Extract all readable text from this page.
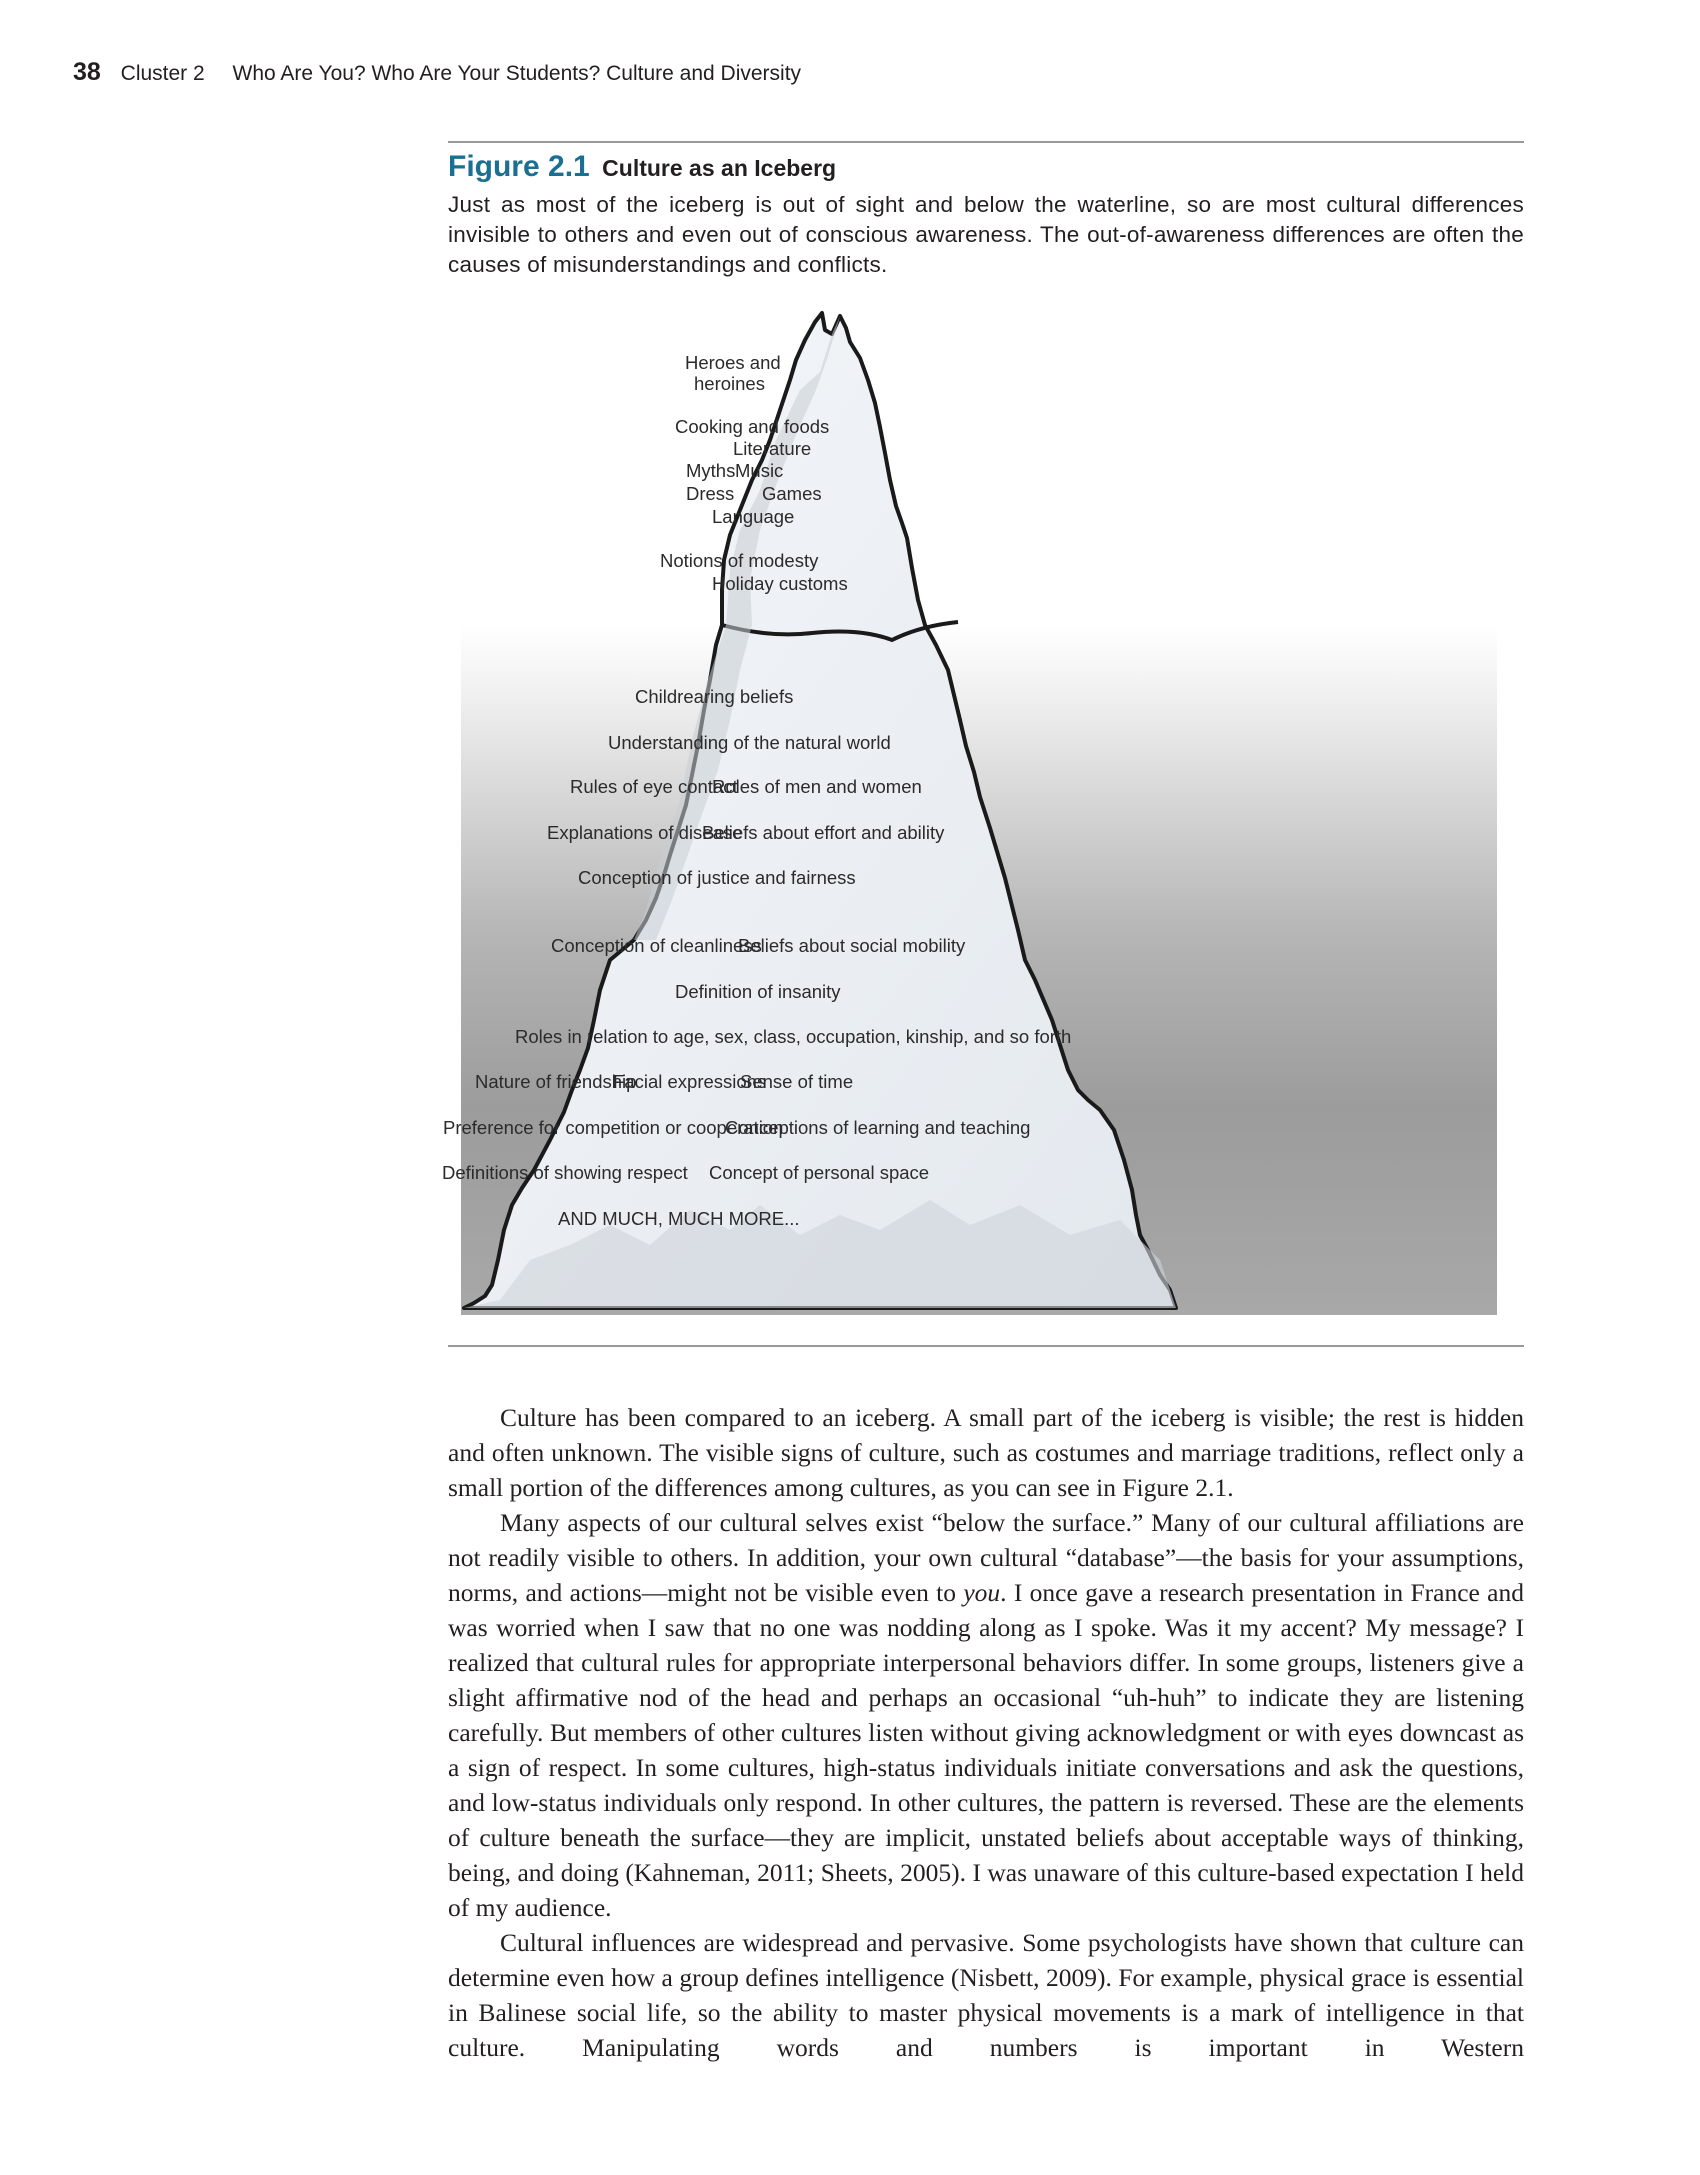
38 Cluster 2 Who Are You? Who Are Your Students? Culture and Diversity
Figure 2.1 Culture as an Iceberg
Just as most of the iceberg is out of sight and below the waterline, so are most cultural differences invisible to others and even out of conscious awareness. The out-of-awareness differences are often the causes of misunderstandings and conflicts.
Heroes and
heroines
Cooking and foods
Literature
Myths Music
Dress Games
Language
Notions of modesty
Holiday customs
Childrearing beliefs
Understanding of the natural world
Rules of eye contact
Roles of men and women
Explanations of disease
Beliefs about effort and ability
Conception of justice and fairness
Conception of cleanliness
Beliefs about social mobility
Definition of insanity
Roles in relation to age, sex, class, occupation, kinship, and so forth
Nature of friendship
Facial expressions
Sense of time
Preference for competition or cooperation
Conceptions of learning and teaching
Definitions of showing respect Concept of personal space
AND MUCH, MUCH MORE...

Culture has been compared to an iceberg. A small part of the iceberg is visible; the rest is hidden and often unknown. The visible signs of culture, such as costumes and marriage traditions, reflect only a small portion of the differences among cultures, as you can see in Figure 2.1.

Many aspects of our cultural selves exist “below the surface.” Many of our cultural affiliations are not readily visible to others. In addition, your own cultural “database”—the basis for your assumptions, norms, and actions—might not be visible even to you. I once gave a research presentation in France and was worried when I saw that no one was nodding along as I spoke. Was it my accent? My message? I realized that cultural rules for appropriate interpersonal behaviors differ. In some groups, listeners give a slight affirmative nod of the head and perhaps an occasional “uh-huh” to indicate they are listening carefully. But members of other cultures listen without giving acknowledgment or with eyes downcast as a sign of respect. In some cultures, high-status individuals initiate conversations and ask the questions, and low-status individuals only respond. In other cultures, the pattern is reversed. These are the elements of culture beneath the surface—they are implicit, unstated beliefs about acceptable ways of thinking, being, and doing (Kahneman, 2011; Sheets, 2005). I was unaware of this culture-based expectation I held of my audience.

Cultural influences are widespread and pervasive. Some psychologists have shown that culture can determine even how a group defines intelligence (Nisbett, 2009). For example, physical grace is essential in Balinese social life, so the ability to master physical movements is a mark of intelligence in that culture. Manipulating words and numbers is important in Western
